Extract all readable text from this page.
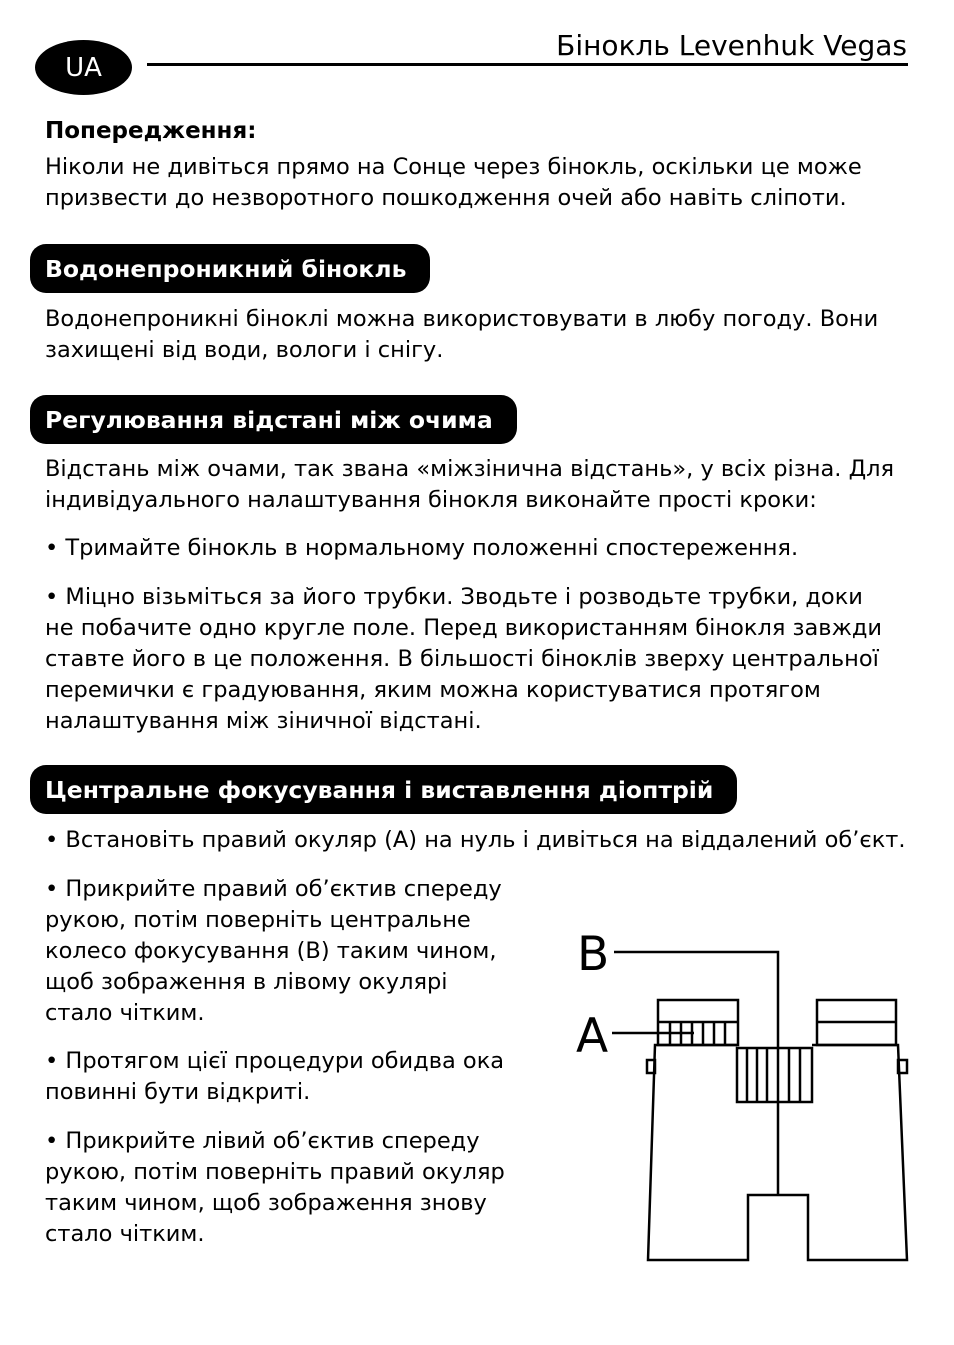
UA
Бінокль Levenhuk Vegas
Попередження:
Ніколи не дивіться прямо на Сонце через бінокль, оскільки це може
призвести до незворотного пошкодження очей або навіть сліпоти.
Водонепроникний бінокль
Водонепроникні біноклі можна використовувати в любу погоду. Вони
захищені від води, вологи і снігу.
Регулювання відстані між очима
Відстань між очами, так звана «міжзінична відстань», у всіх різна. Для
індивідуального налаштування бінокля виконайте прості кроки:
• Тримайте бінокль в нормальному положенні спостереження.
• Міцно візьміться за його трубки. Зводьте і розводьте трубки, доки
не побачите одно кругле поле. Перед використанням бінокля завжди
ставте його в це положення. В більшості біноклів зверху центральної
перемички є градуювання, яким можна користуватися протягом
налаштування між зіничної відстані.
Центральне фокусування і виставлення діоптрій
• Встановіть правий окуляр (А) на нуль і дивіться на віддалений об’єкт.
• Прикрийте правий об’єктив спереду
рукою, потім поверніть центральне
колесо фокусування (В) таким чином,
щоб зображення в лівому окулярі
стало чітким.
• Протягом цієї процедури обидва ока
повинні бути відкриті.
• Прикрийте лівий об’єктив спереду
рукою, потім поверніть правий окуляр
таким чином, щоб зображення знову
стало чітким.
B
A
